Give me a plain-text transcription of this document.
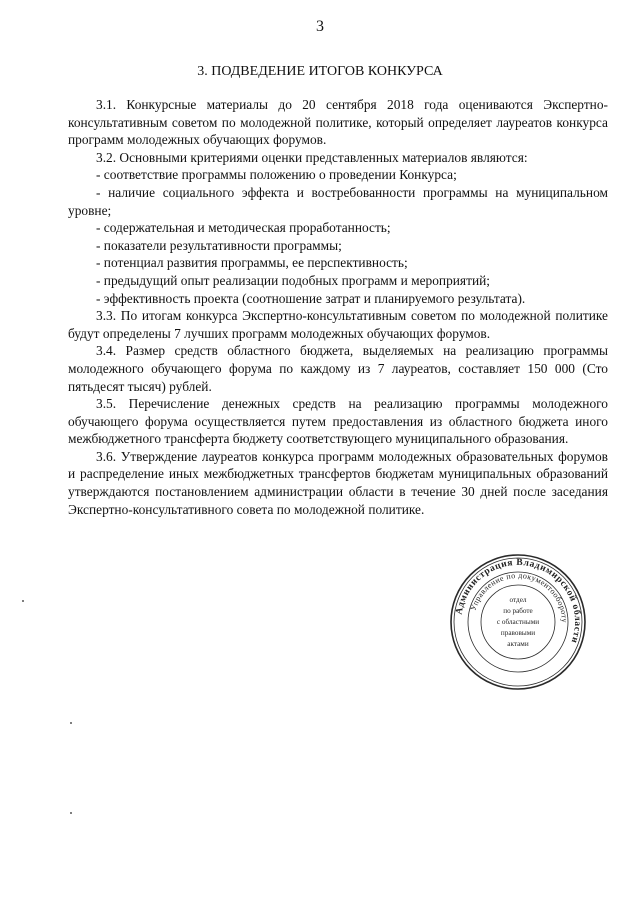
3
3. ПОДВЕДЕНИЕ ИТОГОВ КОНКУРСА

3.1. Конкурсные материалы до 20 сентября 2018 года оцениваются Экспертно-консультативным советом по молодежной политике, который определяет лауреатов конкурса программ молодежных обучающих форумов.

3.2. Основными критериями оценки представленных материалов являются:

- соответствие программы положению о проведении Конкурса;

- наличие социального эффекта и востребованности программы на муниципальном уровне;

- содержательная и методическая проработанность;

- показатели результативности программы;

- потенциал развития программы, ее перспективность;

- предыдущий опыт реализации подобных программ и мероприятий;

- эффективность проекта (соотношение затрат и планируемого результата).

3.3. По итогам конкурса Экспертно-консультативным советом по молодежной политике будут определены 7 лучших программ молодежных обучающих форумов.

3.4. Размер средств областного бюджета, выделяемых на реализацию программы молодежного обучающего форума по каждому из 7 лауреатов, составляет 150 000 (Сто пятьдесят тысяч) рублей.

3.5. Перечисление денежных средств на реализацию программы молодежного обучающего форума осуществляется путем предоставления из областного бюджета иного межбюджетного трансферта бюджету соответствующего муниципального образования.

3.6. Утверждение лауреатов конкурса программ молодежных образовательных форумов и распределение иных межбюджетных трансфертов бюджетам муниципальных образований утверждаются постановлением администрации области в течение 30 дней после заседания Экспертно-консультативного совета по молодежной политике.

Администрация Владимирской области
Управление по документообороту
отдел
по работе
с областными
правовыми
актами
